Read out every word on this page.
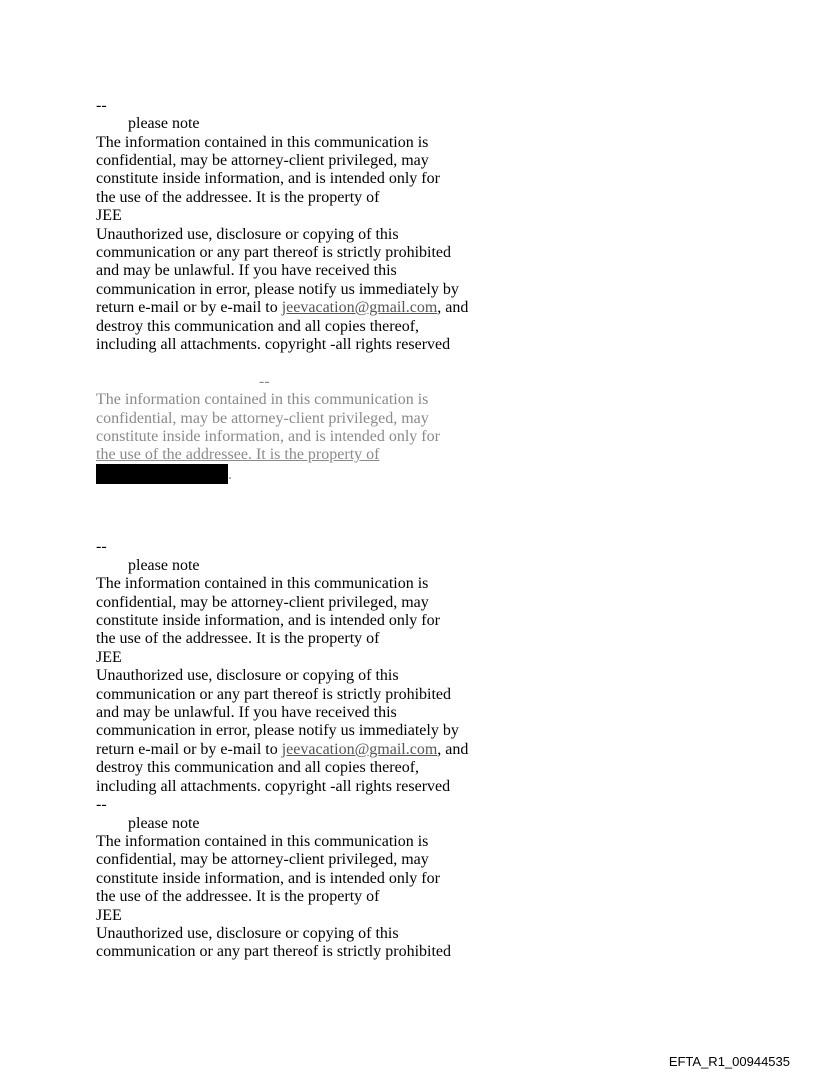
--

please note

The information contained in this communication is

confidential, may be attorney-client privileged, may

constitute inside information, and is intended only for

the use of the addressee. It is the property of

JEE

Unauthorized use, disclosure or copying of this

communication or any part thereof is strictly prohibited

and may be unlawful. If you have received this

communication in error, please notify us immediately by

return e-mail or by e-mail to jeevacation@gmail.com, and

destroy this communication and all copies thereof,

including all attachments. copyright -all rights reserved

--

The information contained in this communication is

confidential, may be attorney-client privileged, may

constitute inside information, and is intended only for

the use of the addressee. It is the property of

.

--

please note

The information contained in this communication is

confidential, may be attorney-client privileged, may

constitute inside information, and is intended only for

the use of the addressee. It is the property of

JEE

Unauthorized use, disclosure or copying of this

communication or any part thereof is strictly prohibited

and may be unlawful. If you have received this

communication in error, please notify us immediately by

return e-mail or by e-mail to jeevacation@gmail.com, and

destroy this communication and all copies thereof,

including all attachments. copyright -all rights reserved

--

please note

The information contained in this communication is

confidential, may be attorney-client privileged, may

constitute inside information, and is intended only for

the use of the addressee. It is the property of

JEE

Unauthorized use, disclosure or copying of this

communication or any part thereof is strictly prohibited

EFTA_R1_00944535
